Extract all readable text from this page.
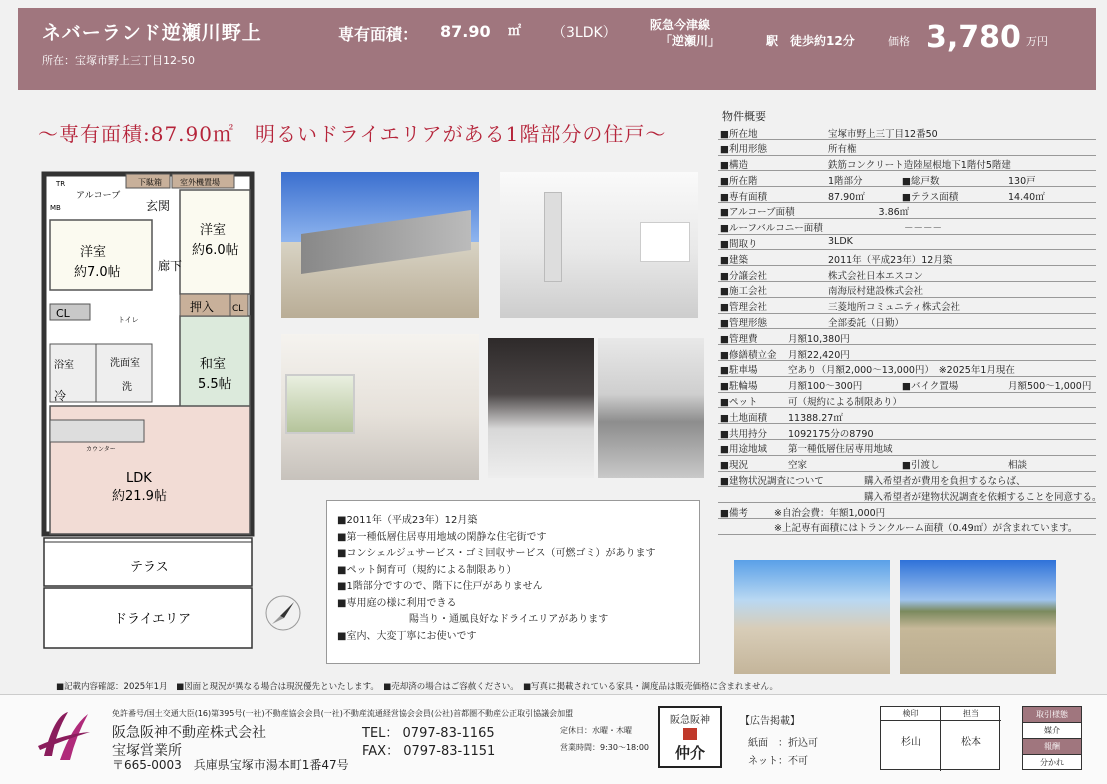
ネバーランド逆瀬川野上
所在：宝塚市野上三丁目12-50
専有面積： 87.90 ㎡ （3LDK）	阪急今津線
「逆瀬川」	駅　徒歩約12分	価格 3,780 万円
～専有面積:87.90㎡　明るいドライエリアがある1階部分の住戸～
TR
MB
アルコーブ
下駄箱 室外機置場
玄関
洋室
約6.0帖
洋室
約7.0帖	廊下
押入 CL
CL	トイレ
浴室	洗面室
洗
和室
5.5帖
冷
カウンター
LDK
約21.9帖
テラス
ドライエリア
■2011年（平成23年）12月築
■第一種低層住居専用地域の閑静な住宅街です
■コンシェルジュサービス・ゴミ回収サービス（可燃ゴミ）があります
■ペット飼育可（規約による制限あり）
■1階部分ですので、階下に住戸がありません
■専用庭の様に利用できる
陽当り・通風良好なドライエリアがあります
■室内、大変丁寧にお使いです
物件概要
■所在地	宝塚市野上三丁目12番50
■利用形態	所有権
■構造	鉄筋コンクリート造陸屋根地下1階付5階建
■所在階	1階部分	■総戸数	130戸
■専有面積	87.90㎡	■テラス面積	14.40㎡
■アルコーブ面積	　　　　　 3.86㎡
■ルーフバルコニー面積 　　　　　　　　－－－－
■間取り	3LDK
■建築	2011年（平成23年）12月築
■分譲会社	株式会社日本エスコン
■施工会社	南海辰村建設株式会社
■管理会社	三菱地所コミュニティ株式会社
■管理形態	全部委託（日勤）
■管理費	月額10,380円
■修繕積立金 月額22,420円
■駐車場	空あり（月額2,000～13,000円）　※2025年1月現在
■駐輪場	月額100～300円	■バイク置場	月額500～1,000円
■ペット	可（規約による制限あり）
■土地面積 11388.27㎡
■共用持分 1092175分の8790
■用途地域 第一種低層住居専用地域
■現況	空家	■引渡し	相談
■建物状況調査について	購入希望者が費用を負担するならば、
購入希望者が建物状況調査を依頼することを同意する。
■備考	※自治会費：年額1,000円
※上記専有面積にはトランクルーム面積（0.49㎡）が含まれています。
■記載内容確認：2025年1月　■図面と現況が異なる場合は現況優先といたします。　■売却済の場合はご容赦ください。　■写真に掲載されている家具・調度品は販売価格に含まれません。
免許番号/国土交通大臣(16)第395号(一社)不動産協会会員(一社)不動産流通経営協会会員(公社)首都圏不動産公正取引協議会加盟
阪急阪神不動産株式会社
宝塚営業所
〒665-0003　兵庫県宝塚市湯本町1番47号
TEL： 0797-83-1165
FAX： 0797-83-1151
定休日：水曜・木曜
営業時間：9:30～18:00
阪急阪神
仲介
【広告掲載】
紙面　：折込可
ネット：不可
検印	担当
杉山	松本
取引様態
媒介
報酬
分かれ
